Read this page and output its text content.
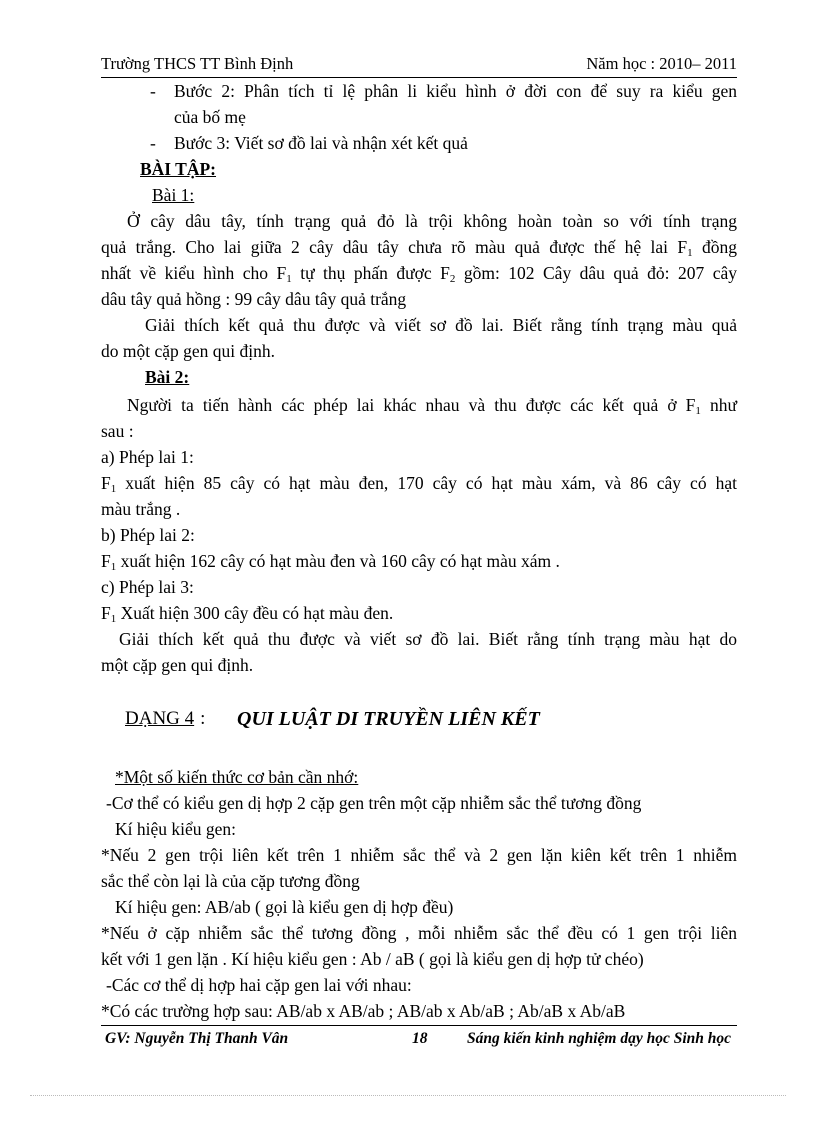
Trường THCS TT Bình Định	Năm học : 2010– 2011
- Bước 2: Phân tích tỉ lệ phân li kiểu hình ở đời con để suy ra kiểu gen
của bố mẹ
- Bước 3: Viết sơ đồ lai và nhận xét kết quả
BÀI TẬP:
Bài 1:
Ở cây dâu tây, tính trạng quả đỏ là trội không hoàn toàn so với tính trạng
quả trắng. Cho lai giữa 2 cây dâu tây chưa rõ màu quả được thế hệ lai $F_1$ đồng
nhất về kiểu hình cho $F_1$ tự thụ phấn được $F_2$ gồm: 102 Cây dâu quả đỏ: 207 cây
dâu tây quả hồng : 99 cây dâu tây quả trắng
Giải thích kết quả thu được và viết sơ đồ lai. Biết rằng tính trạng màu quả
do một cặp gen qui định.
Bài 2:
Người ta tiến hành các phép lai khác nhau và thu được các kết quả ở $F_1$ như
sau :
a) Phép lai 1:
$F_1$ xuất hiện 85 cây có hạt màu đen, 170 cây có hạt màu xám, và 86 cây có hạt
màu trắng .
b) Phép lai 2:
$F_1$ xuất hiện 162 cây có hạt màu đen và 160 cây có hạt màu xám .
c) Phép lai 3:
$F_1$ Xuất hiện 300 cây đều có hạt màu đen.
Giải thích kết quả thu được và viết sơ đồ lai. Biết rằng tính trạng màu hạt do
một cặp gen qui định.
DẠNG 4 : QUI LUẬT DI TRUYỀN LIÊN KẾT
*Một số kiến thức cơ bản cần nhớ:
-Cơ thể có kiểu gen dị hợp 2 cặp gen trên một cặp nhiễm sắc thể tương đồng
Kí hiệu kiểu gen:
*Nếu 2 gen trội liên kết trên 1 nhiễm sắc thể và 2 gen lặn kiên kết trên 1 nhiễm
sắc thể còn lại là của cặp tương đồng
Kí hiệu gen: AB/ab ( gọi là kiểu gen dị hợp đều)
*Nếu ở cặp nhiễm sắc thể tương đồng , mỗi nhiễm sắc thể đều có 1 gen trội liên
kết với 1 gen lặn . Kí hiệu kiểu gen : Ab / aB ( gọi là kiểu gen dị hợp tử chéo)
-Các cơ thể dị hợp hai cặp gen lai với nhau:
*Có các trường hợp sau: AB/ab x AB/ab ; AB/ab x Ab/aB ; Ab/aB x Ab/aB
GV: Nguyễn Thị Thanh Vân	18	Sáng kiến kinh nghiệm dạy học Sinh học
